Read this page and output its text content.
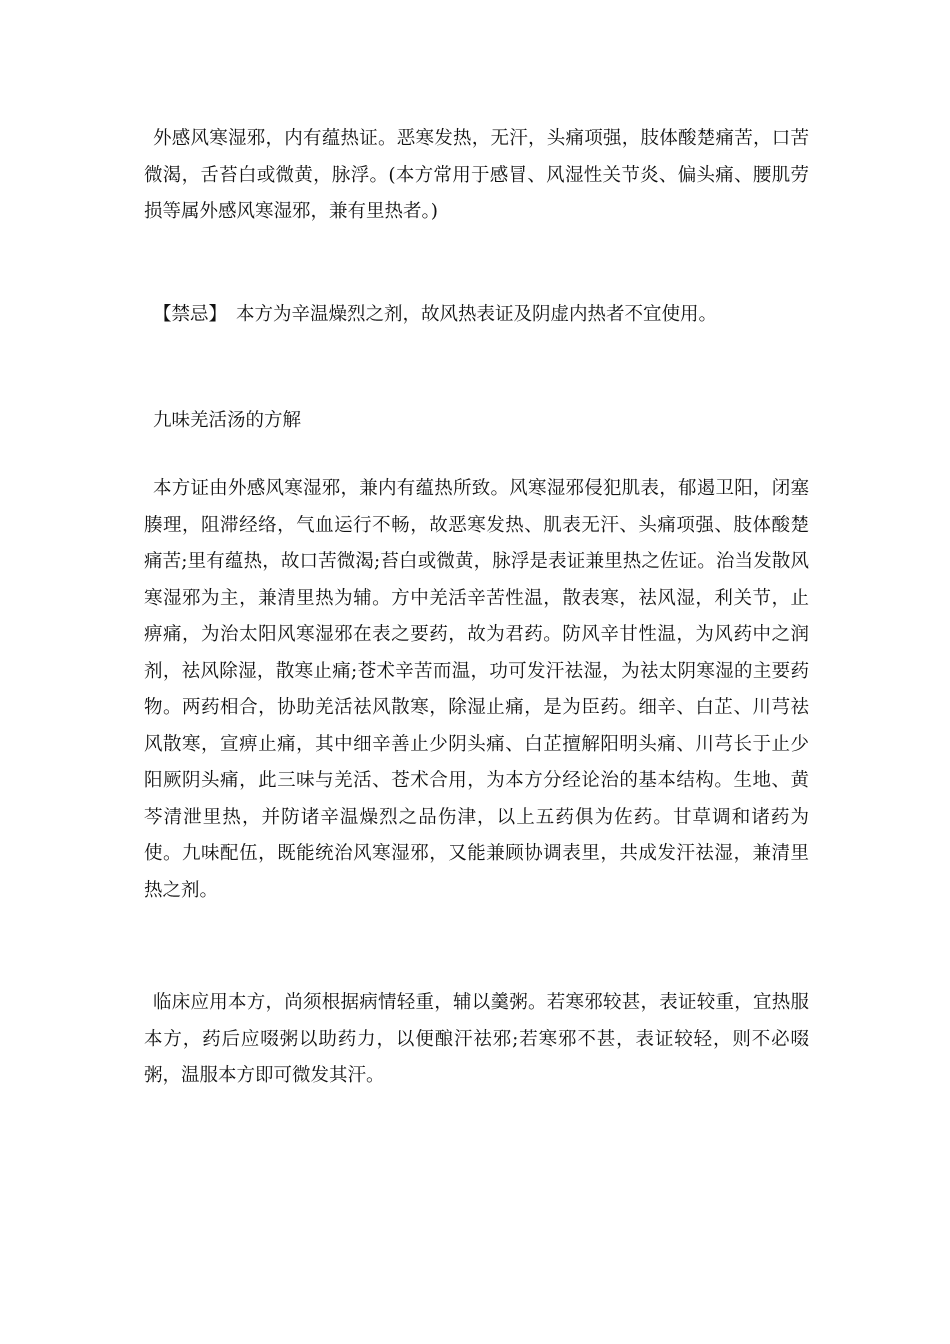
外感风寒湿邪，内有蕴热证。恶寒发热，无汗，头痛项强，肢体酸楚痛苦，口苦微渴，舌苔白或微黄，脉浮。(本方常用于感冒、风湿性关节炎、偏头痛、腰肌劳损等属外感风寒湿邪，兼有里热者。)

【禁忌】 本方为辛温燥烈之剂，故风热表证及阴虚内热者不宜使用。

九味羌活汤的方解

本方证由外感风寒湿邪，兼内有蕴热所致。风寒湿邪侵犯肌表，郁遏卫阳，闭塞腠理，阻滞经络，气血运行不畅，故恶寒发热、肌表无汗、头痛项强、肢体酸楚痛苦;里有蕴热，故口苦微渴;苔白或微黄，脉浮是表证兼里热之佐证。治当发散风寒湿邪为主，兼清里热为辅。方中羌活辛苦性温，散表寒，祛风湿，利关节，止痹痛，为治太阳风寒湿邪在表之要药，故为君药。防风辛甘性温，为风药中之润剂，祛风除湿，散寒止痛;苍术辛苦而温，功可发汗祛湿，为祛太阴寒湿的主要药物。两药相合，协助羌活祛风散寒，除湿止痛，是为臣药。细辛、白芷、川芎祛风散寒，宣痹止痛，其中细辛善止少阴头痛、白芷擅解阳明头痛、川芎长于止少阳厥阴头痛，此三味与羌活、苍术合用，为本方分经论治的基本结构。生地、黄芩清泄里热，并防诸辛温燥烈之品伤津，以上五药俱为佐药。甘草调和诸药为使。九味配伍，既能统治风寒湿邪，又能兼顾协调表里，共成发汗祛湿，兼清里热之剂。

临床应用本方，尚须根据病情轻重，辅以羹粥。若寒邪较甚，表证较重，宜热服本方，药后应啜粥以助药力，以便酿汗祛邪;若寒邪不甚，表证较轻，则不必啜粥，温服本方即可微发其汗。
